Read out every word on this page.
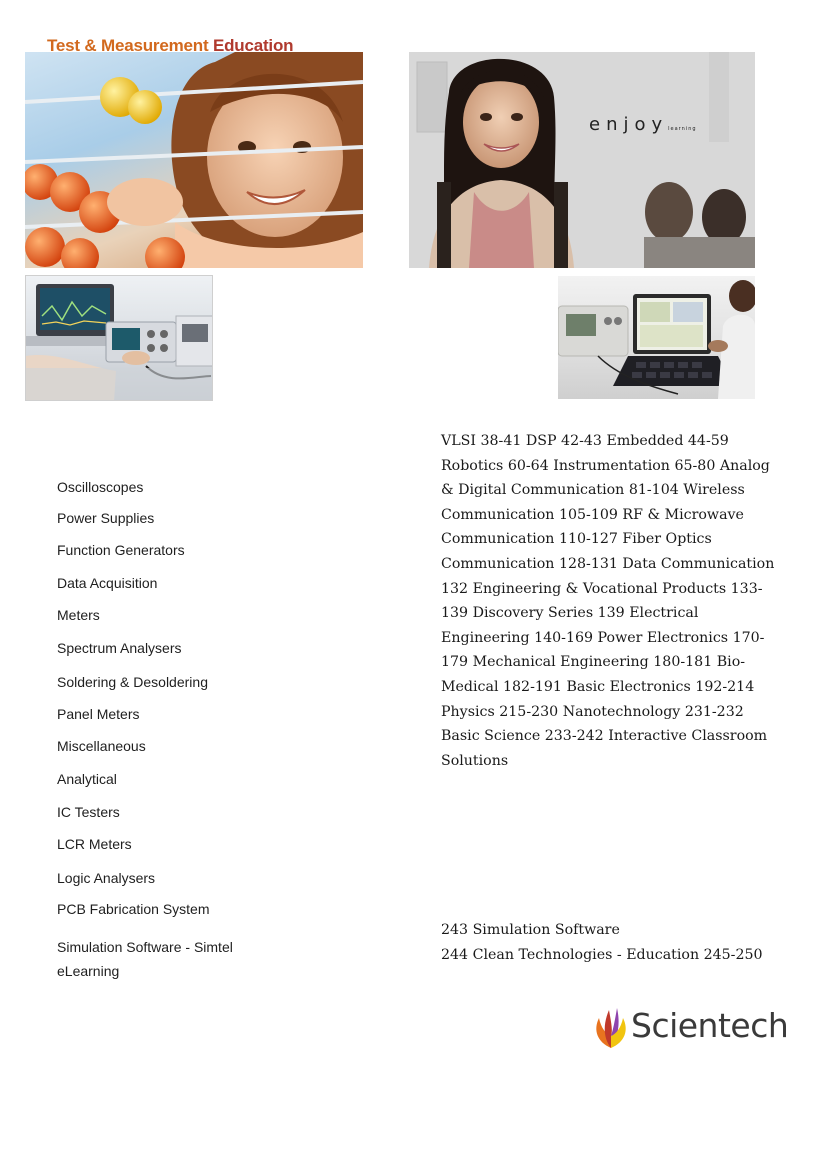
Test & Measurement Education
enjoylearning
Oscilloscopes
Power Supplies
Function Generators
Data Acquisition
Meters
Spectrum Analysers
Soldering & Desoldering
Panel Meters
Miscellaneous
Analytical
IC Testers
LCR Meters
Logic Analysers
PCB Fabrication System
Simulation Software - Simtel
eLearning
VLSI 38-41 DSP 42-43 Embedded 44-59 Robotics 60-64 Instrumentation 65-80 Analog & Digital Communication 81-104 Wireless Communication 105-109 RF & Microwave Communication 110-127 Fiber Optics Communication 128-131 Data Communication 132 Engineering & Vocational Products 133-139 Discovery Series 139 Electrical Engineering 140-169 Power Electronics 170-179 Mechanical Engineering 180-181 Bio-Medical 182-191 Basic Electronics 192-214 Physics 215-230 Nanotechnology 231-232 Basic Science 233-242 Interactive Classroom Solutions
243 Simulation Software
244 Clean Technologies - Education 245-250
Scientech
